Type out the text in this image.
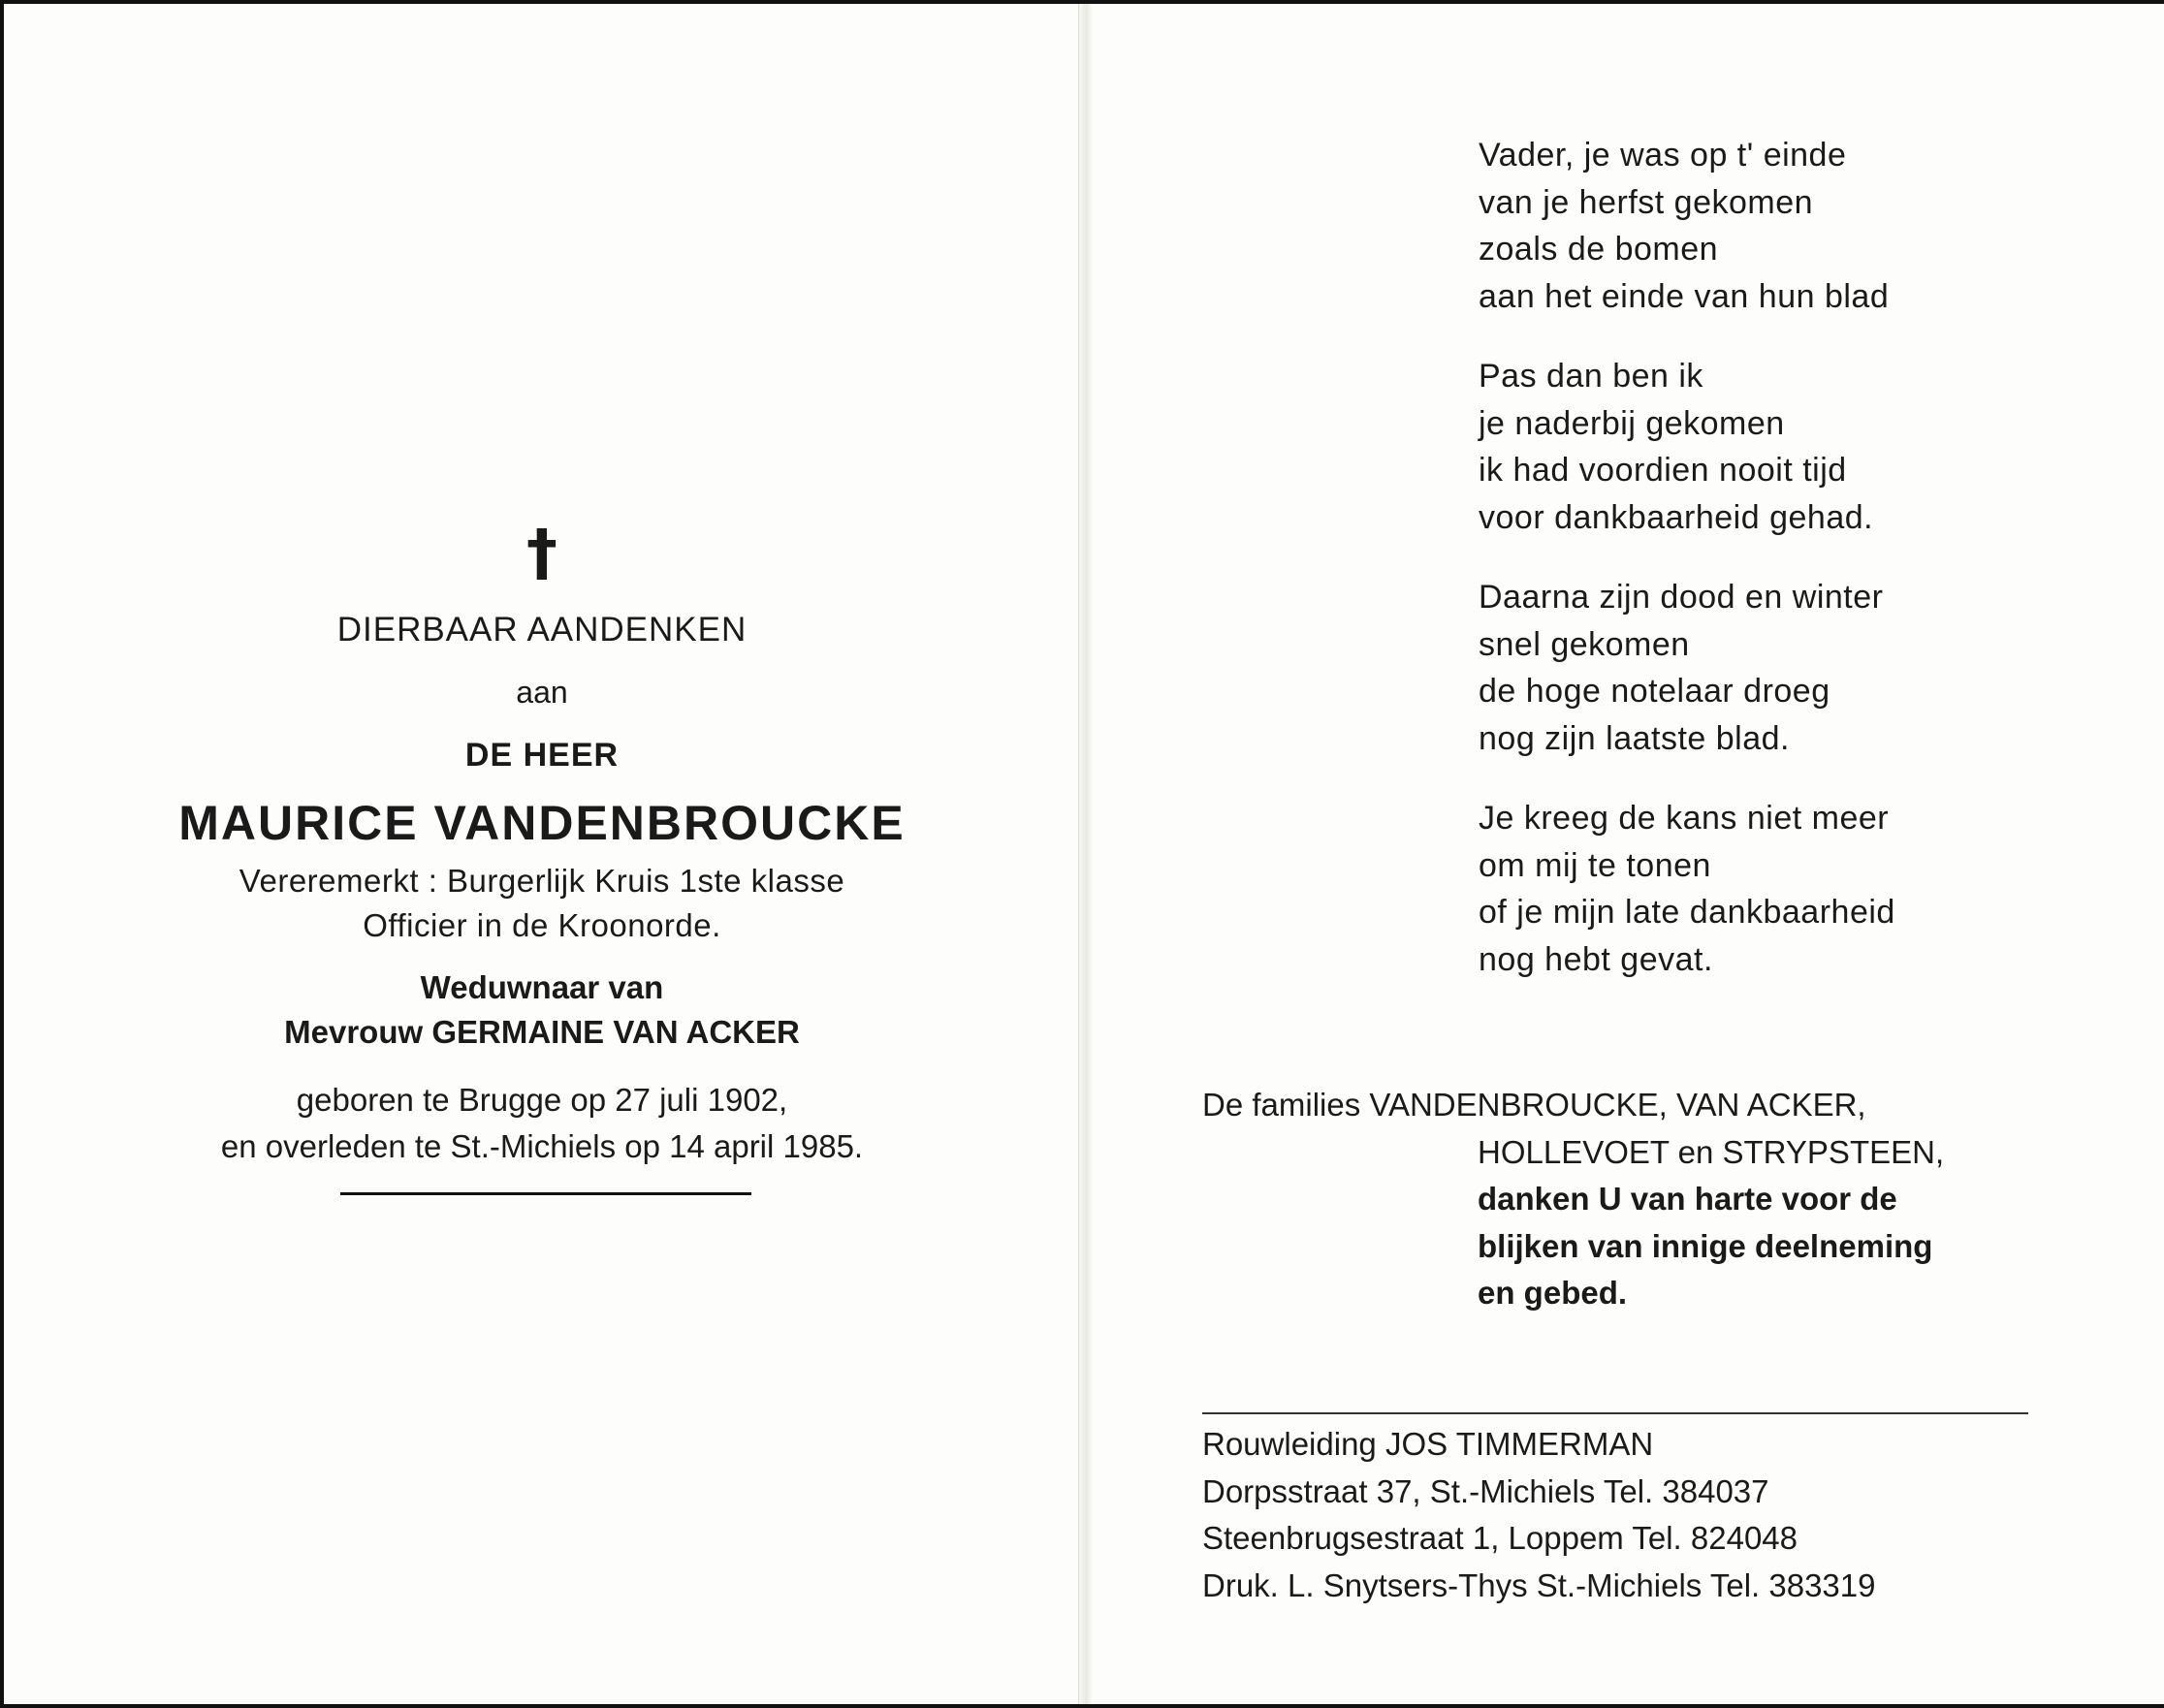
†
DIERBAAR AANDENKEN
aan
DE HEER
MAURICE VANDENBROUCKE
Vereremerkt : Burgerlijk Kruis 1ste klasse
Officier in de Kroonorde.
Weduwnaar van
Mevrouw GERMAINE VAN ACKER
geboren te Brugge op 27 juli 1902,
en overleden te St.-Michiels op 14 april 1985.
Vader, je was op t' einde
van je herfst gekomen
zoals de bomen
aan het einde van hun blad
Pas dan ben ik
je naderbij gekomen
ik had voordien nooit tijd
voor dankbaarheid gehad.
Daarna zijn dood en winter
snel gekomen
de hoge notelaar droeg
nog zijn laatste blad.
Je kreeg de kans niet meer
om mij te tonen
of je mijn late dankbaarheid
nog hebt gevat.
De families VANDENBROUCKE, VAN ACKER,
HOLLEVOET en STRYPSTEEN,
danken U van harte voor de
blijken van innige deelneming
en gebed.
Rouwleiding JOS TIMMERMAN
Dorpsstraat 37, St.-Michiels Tel. 384037
Steenbrugsestraat 1, Loppem Tel. 824048
Druk. L. Snytsers-Thys St.-Michiels Tel. 383319
